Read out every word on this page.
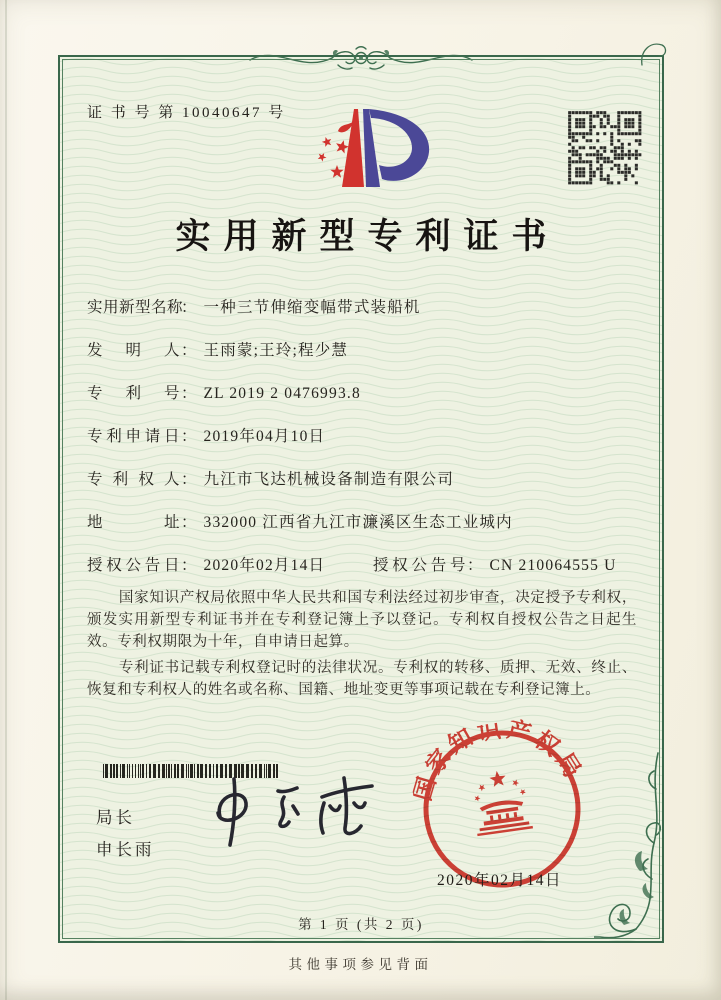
证 书 号 第 10040647 号
实用新型专利证书
实用新型名称： 一种三节伸缩变幅带式装船机
发明人： 王雨蒙;王玲;程少慧
专利号： ZL 2019 2 0476993.8
专利申请日： 2019年04月10日
专利权人： 九江市飞达机械设备制造有限公司
地址： 332000 江西省九江市濂溪区生态工业城内
授权公告日： 2020年02月14日	授权公告号： CN 210064555 U

国家知识产权局依照中华人民共和国专利法经过初步审查，决定授予专利权，颁发实用新型专利证书并在专利登记簿上予以登记。专利权自授权公告之日起生效。专利权期限为十年，自申请日起算。

专利证书记载专利权登记时的法律状况。专利权的转移、质押、无效、终止、恢复和专利权人的姓名或名称、国籍、地址变更等事项记载在专利登记簿上。

局长
申长雨
国家知识产权局
2020年02月14日
第 1 页 (共 2 页)
其他事项参见背面
